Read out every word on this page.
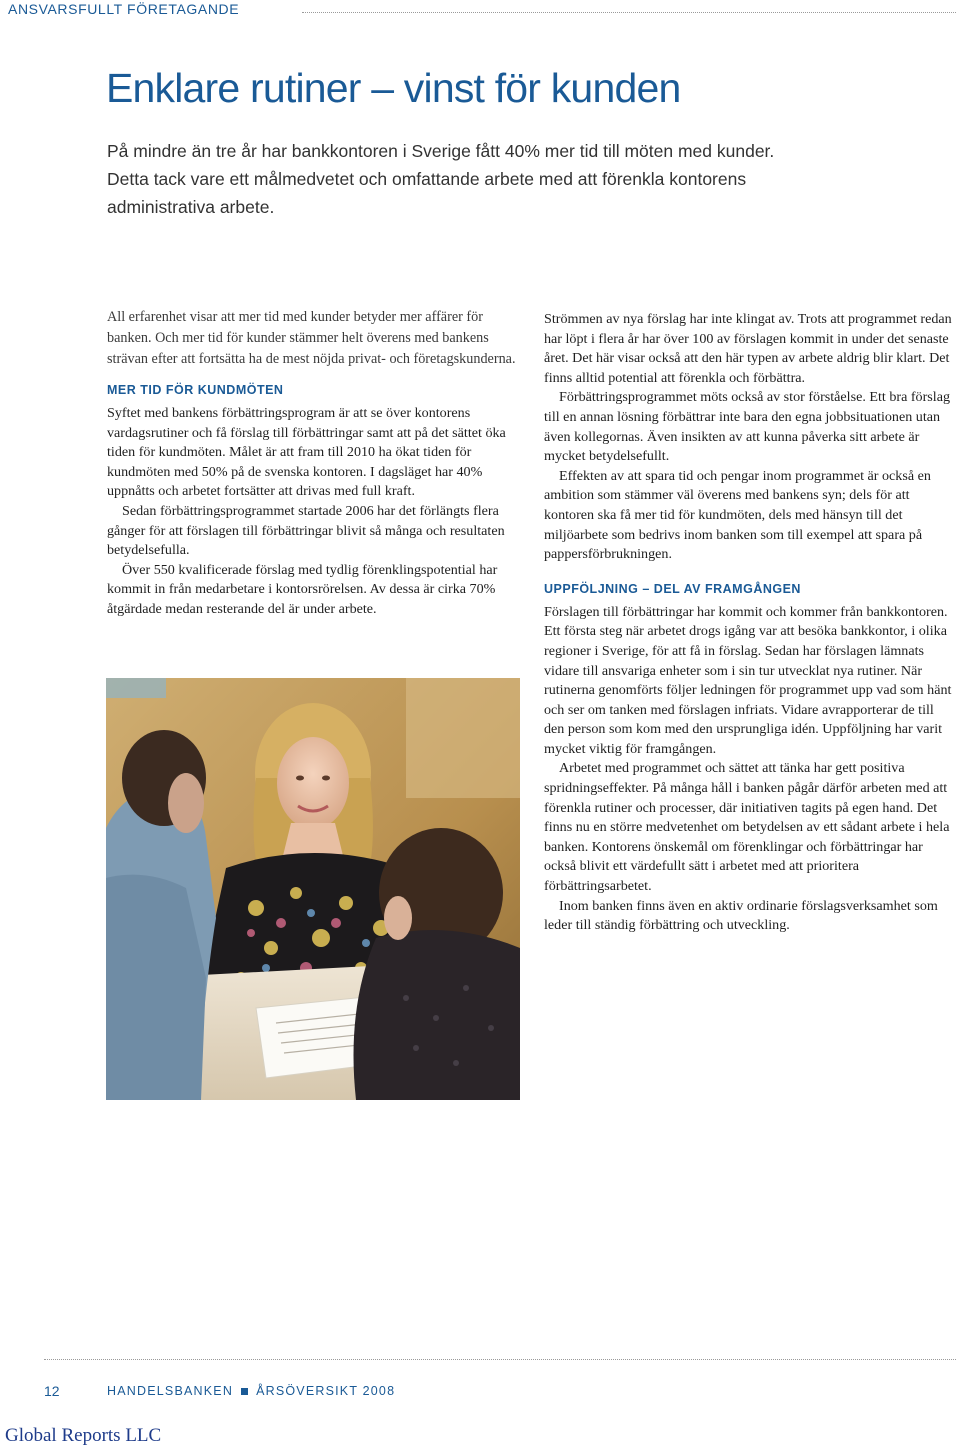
ANSVARSFULLT FÖRETAGANDE
Enklare rutiner – vinst för kunden
På mindre än tre år har bankkontoren i Sverige fått 40% mer tid till möten med kunder. Detta tack vare ett målmedvetet och omfattande arbete med att förenkla kontorens administrativa arbete.

All erfarenhet visar att mer tid med kunder betyder mer affärer för banken. Och mer tid för kunder stämmer helt överens med bankens strävan efter att fortsätta ha de mest nöjda privat- och företagskunderna.

MER TID FÖR KUNDMÖTEN

Syftet med bankens förbättringsprogram är att se över kontorens vardagsrutiner och få förslag till förbättringar samt att på det sättet öka tiden för kundmöten. Målet är att fram till 2010 ha ökat tiden för kundmöten med 50% på de svenska kontoren. I dagsläget har 40% uppnåtts och arbetet fortsätter att drivas med full kraft.

Sedan förbättringsprogrammet startade 2006 har det förlängts flera gånger för att förslagen till förbättringar blivit så många och resultaten betydelsefulla.

Över 550 kvalificerade förslag med tydlig förenklingspotential har kommit in från medarbetare i kontorsrörelsen. Av dessa är cirka 70% åtgärdade medan resterande del är under arbete.

Strömmen av nya förslag har inte klingat av. Trots att programmet redan har löpt i flera år har över 100 av förslagen kommit in under det senaste året. Det här visar också att den här typen av arbete aldrig blir klart. Det finns alltid potential att förenkla och förbättra.

Förbättringsprogrammet möts också av stor förståelse. Ett bra förslag till en annan lösning förbättrar inte bara den egna jobbsituationen utan även kollegornas. Även insikten av att kunna påverka sitt arbete är mycket betydelsefullt.

Effekten av att spara tid och pengar inom programmet är också en ambition som stämmer väl överens med bankens syn; dels för att kontoren ska få mer tid för kundmöten, dels med hänsyn till det miljöarbete som bedrivs inom banken som till exempel att spara på pappersförbrukningen.

UPPFÖLJNING – DEL AV FRAMGÅNGEN

Förslagen till förbättringar har kommit och kommer från bankkontoren. Ett första steg när arbetet drogs igång var att besöka bankkontor, i olika regioner i Sverige, för att få in förslag. Sedan har förslagen lämnats vidare till ansvariga enheter som i sin tur utvecklat nya rutiner. När rutinerna genomförts följer ledningen för programmet upp vad som hänt och ser om tanken med förslagen infriats. Vidare avrapporterar de till den person som kom med den ursprungliga idén. Uppföljning har varit mycket viktig för framgången.

Arbetet med programmet och sättet att tänka har gett positiva spridningseffekter. På många håll i banken pågår därför arbeten med att förenkla rutiner och processer, där initiativen tagits på egen hand. Det finns nu en större medvetenhet om betydelsen av ett sådant arbete i hela banken. Kontorens önskemål om förenklingar och förbättringar har också blivit ett värdefullt sätt i arbetet med att prioritera förbättringsarbetet.

Inom banken finns även en aktiv ordinarie förslagsverksamhet som leder till ständig förbättring och utveckling.

12	HANDELSBANKEN ÅRSÖVERSIKT 2008
Global Reports LLC
